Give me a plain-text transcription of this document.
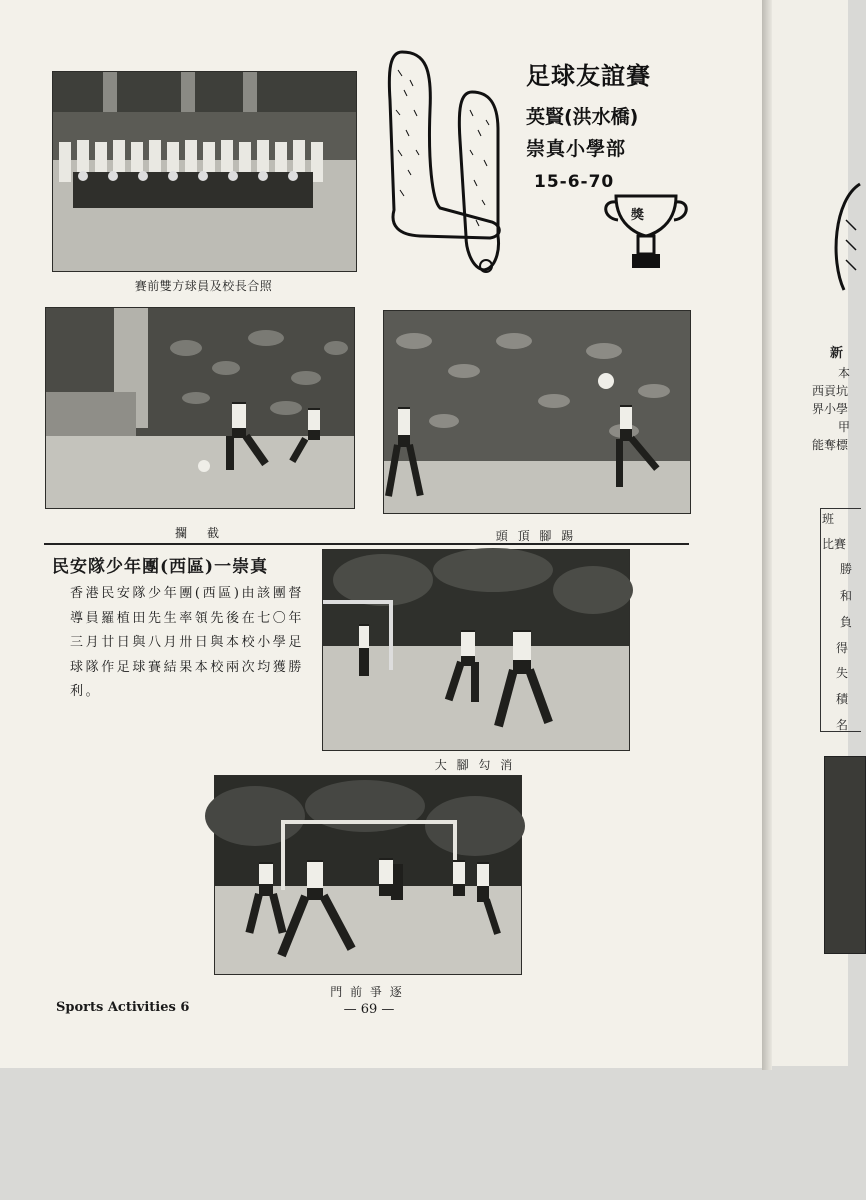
賽前雙方球員及校長合照
足球友誼賽
英賢(洪水橋)
崇真小學部
15-6-70
獎
攔　截	頭 頂 腳 踢
民安隊少年團(西區)一崇真
香港民安隊少年團(西區)由該團督導員羅植田先生率領先後在七〇年三月廿日與八月卅日與本校小學足球隊作足球賽結果本校兩次均獲勝利。
大 腳 勾 消
門 前 爭 逐
Sports Activities 6	— 69 —
新
本
西貢坑
界小學
甲
能奪標
班
比賽
勝
和
負
得
失
積
名
